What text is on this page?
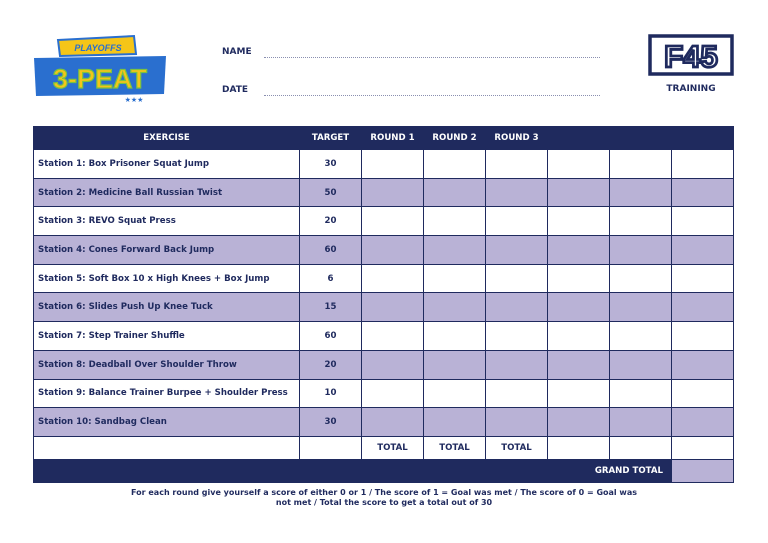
PLAYOFFS
3-PEAT
★★★
NAME
DATE
F45
TRAINING
EXERCISE	TARGET	ROUND 1	ROUND 2	ROUND 3			
Station 1: Box Prisoner Squat Jump	30						
Station 2: Medicine Ball Russian Twist	50						
Station 3: REVO Squat Press	20						
Station 4: Cones Forward Back Jump	60						
Station 5: Soft Box 10 x High Knees + Box Jump	6						
Station 6: Slides Push Up Knee Tuck	15						
Station 7: Step Trainer Shuffle	60						
Station 8: Deadball Over Shoulder Throw	20						
Station 9: Balance Trainer Burpee + Shoulder Press	10						
Station 10: Sandbag Clean	30						
		TOTAL	TOTAL	TOTAL			
GRAND TOTAL							
For each round give yourself a score of either 0 or 1 / The score of 1 = Goal was met / The score of 0 = Goal was not met / Total the score to get a total out of 30
